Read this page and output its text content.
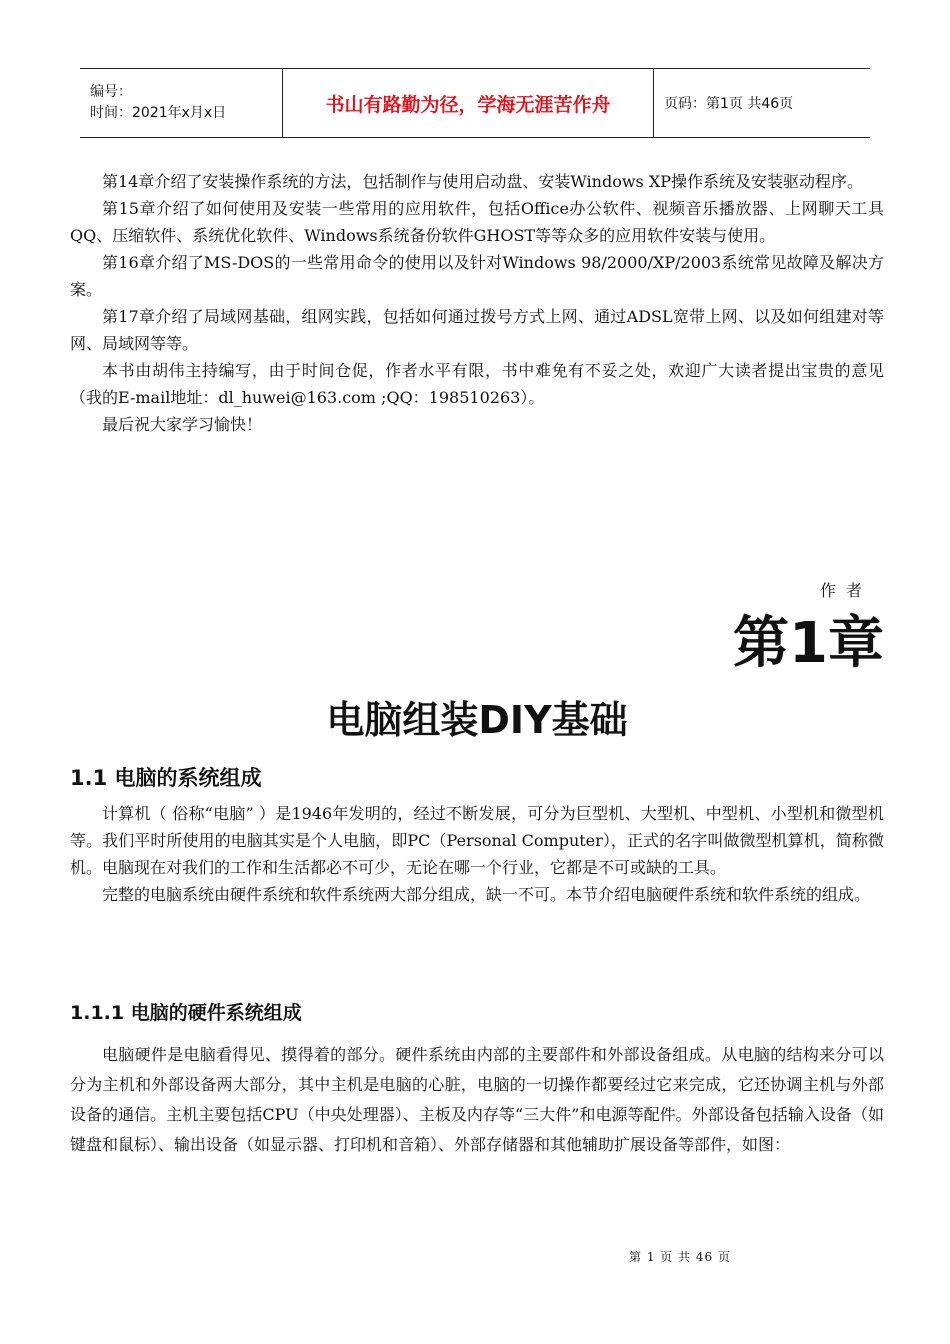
编号：
时间：2021年x月x日	书山有路勤为径，学海无涯苦作舟	页码：第1页 共46页

第14章介绍了安装操作系统的方法，包括制作与使用启动盘、安装Windows XP操作系统及安装驱动程序。

第15章介绍了如何使用及安装一些常用的应用软件，包括Office办公软件、视频音乐播放器、上网聊天工具QQ、压缩软件、系统优化软件、Windows系统备份软件GHOST等等众多的应用软件安装与使用。

第16章介绍了MS-DOS的一些常用命令的使用以及针对Windows 98/2000/XP/2003系统常见故障及解决方案。

第17章介绍了局域网基础，组网实践，包括如何通过拨号方式上网、通过ADSL宽带上网、以及如何组建对等网、局域网等等。

本书由胡伟主持编写，由于时间仓促，作者水平有限，书中难免有不妥之处，欢迎广大读者提出宝贵的意见（我的E-mail地址：dl_huwei@163.com ;QQ：198510263）。

最后祝大家学习愉快！

作者
第1章
电脑组装DIY基础
1.1 电脑的系统组成

计算机（ 俗称“电脑” ）是1946年发明的，经过不断发展，可分为巨型机、大型机、中型机、小型机和微型机等。我们平时所使用的电脑其实是个人电脑，即PC（Personal Computer），正式的名字叫做微型机算机，简称微机。电脑现在对我们的工作和生活都必不可少，无论在哪一个行业，它都是不可或缺的工具。

完整的电脑系统由硬件系统和软件系统两大部分组成，缺一不可。本节介绍电脑硬件系统和软件系统的组成。

1.1.1 电脑的硬件系统组成

电脑硬件是电脑看得见、摸得着的部分。硬件系统由内部的主要部件和外部设备组成。从电脑的结构来分可以分为主机和外部设备两大部分，其中主机是电脑的心脏，电脑的一切操作都要经过它来完成，它还协调主机与外部设备的通信。主机主要包括CPU（中央处理器）、主板及内存等“三大件”和电源等配件。外部设备包括输入设备（如键盘和鼠标）、输出设备（如显示器、打印机和音箱）、外部存储器和其他辅助扩展设备等部件，如图：

第 1 页 共 46 页
